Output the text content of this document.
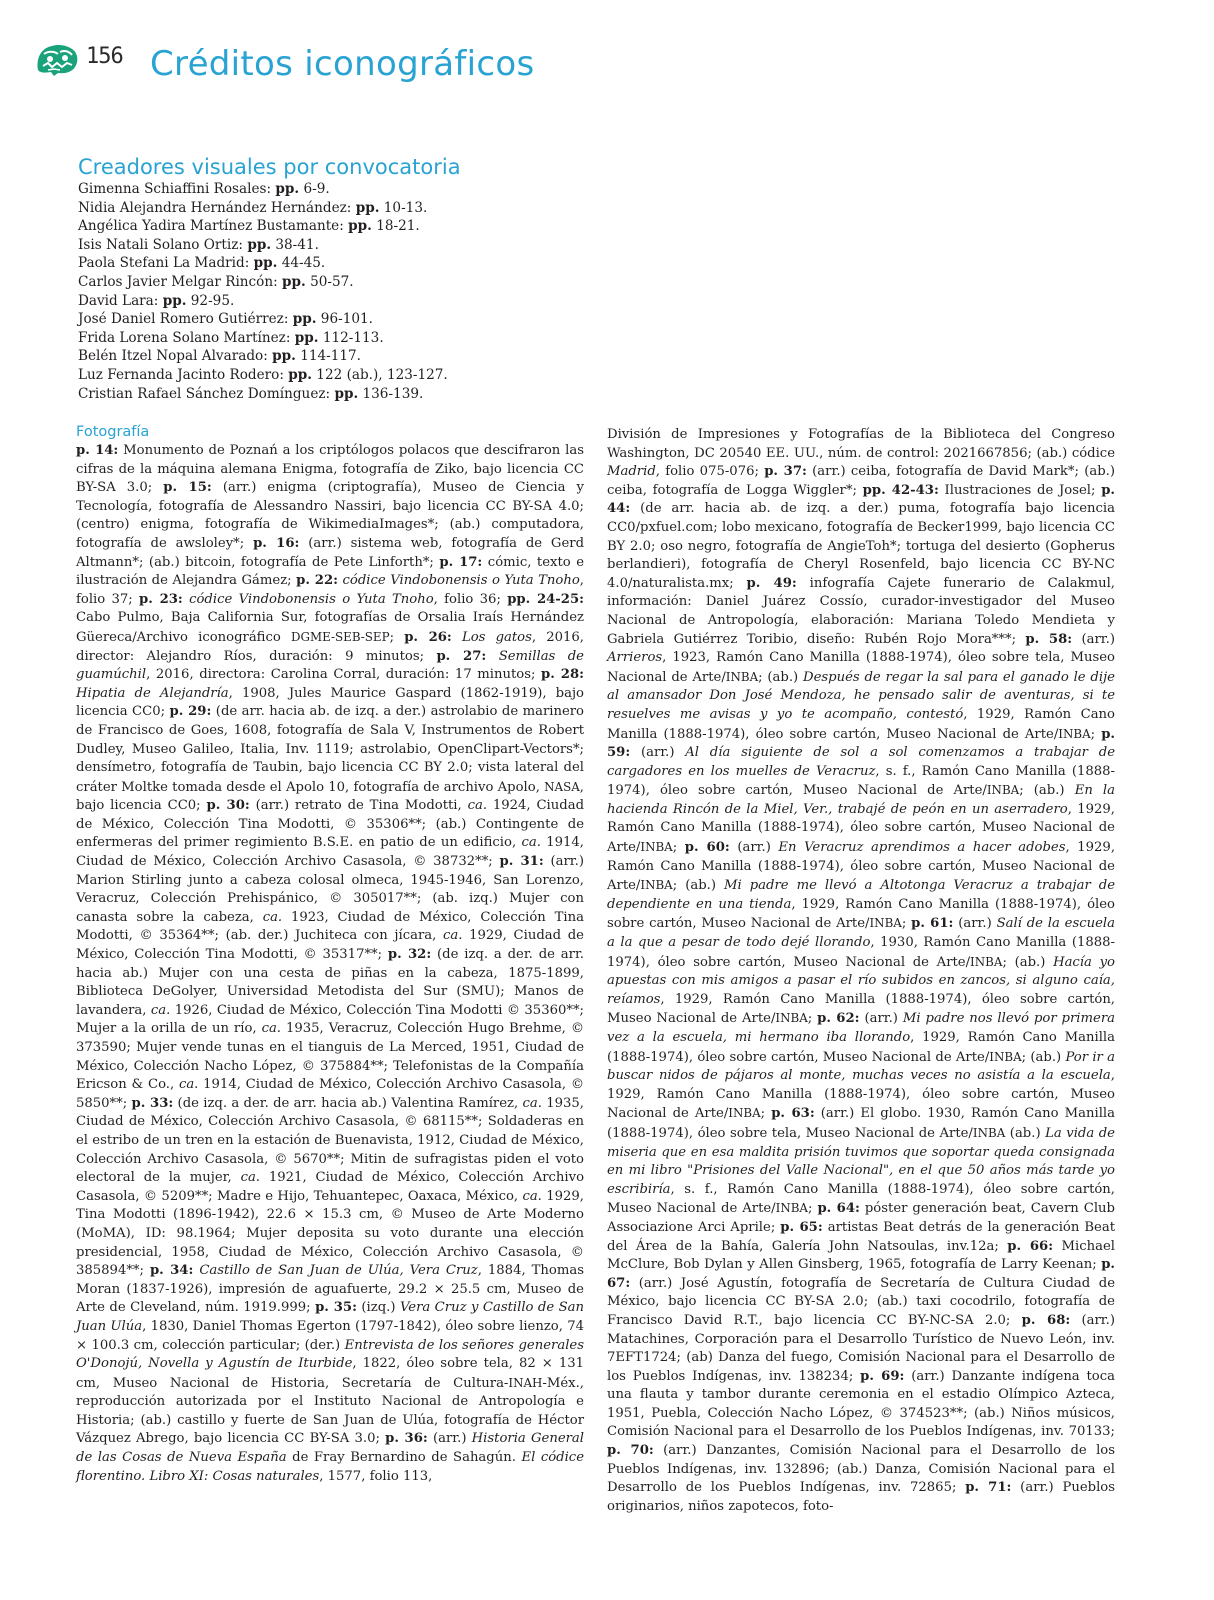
156 Créditos iconográficos
Creadores visuales por convocatoria
Gimenna Schiaffini Rosales: pp. 6-9.
Nidia Alejandra Hernández Hernández: pp. 10-13.
Angélica Yadira Martínez Bustamante: pp. 18-21.
Isis Natali Solano Ortiz: pp. 38-41.
Paola Stefani La Madrid: pp. 44-45.
Carlos Javier Melgar Rincón: pp. 50-57.
David Lara: pp. 92-95.
José Daniel Romero Gutiérrez: pp. 96-101.
Frida Lorena Solano Martínez: pp. 112-113.
Belén Itzel Nopal Alvarado: pp. 114-117.
Luz Fernanda Jacinto Rodero: pp. 122 (ab.), 123-127.
Cristian Rafael Sánchez Domínguez: pp. 136-139.
Fotografía

p. 14: Monumento de Poznań a los criptólogos polacos que descifraron las cifras de la máquina alemana Enigma, fotografía de Ziko, bajo licencia CC BY-SA 3.0; p. 15: (arr.) enigma (criptografía), Museo de Ciencia y Tecnología, fotografía de Alessandro Nassiri, bajo licencia CC BY-SA 4.0; (centro) enigma, fotografía de WikimediaImages*; (ab.) computadora, fotografía de awsloley*; p. 16: (arr.) sistema web, fotografía de Gerd Altmann*; (ab.) bitcoin, fotografía de Pete Linforth*; p. 17: cómic, texto e ilustración de Alejandra Gámez; p. 22: códice Vindobonensis o Yuta Tnoho, folio 37; p. 23: códice Vindobonensis o Yuta Tnoho, folio 36; pp. 24-25: Cabo Pulmo, Baja California Sur, fotografías de Orsalia Iraís Hernández Güereca/Archivo iconográfico DGME-SEB-SEP; p. 26: Los gatos, 2016, director: Alejandro Ríos, duración: 9 minutos; p. 27: Semillas de guamúchil, 2016, directora: Carolina Corral, duración: 17 minutos; p. 28: Hipatia de Alejandría, 1908, Jules Maurice Gaspard (1862-1919), bajo licencia CC0; p. 29: (de arr. hacia ab. de izq. a der.) astrolabio de marinero de Francisco de Goes, 1608, fotografía de Sala V, Instrumentos de Robert Dudley, Museo Galileo, Italia, Inv. 1119; astrolabio, OpenClipart-Vectors*; densímetro, fotografía de Taubin, bajo licencia CC BY 2.0; vista lateral del cráter Moltke tomada desde el Apolo 10, fotografía de archivo Apolo, NASA, bajo licencia CC0; p. 30: (arr.) retrato de Tina Modotti, ca. 1924, Ciudad de México, Colección Tina Modotti, © 35306**; (ab.) Contingente de enfermeras del primer regimiento B.S.E. en patio de un edificio, ca. 1914, Ciudad de México, Colección Archivo Casasola, © 38732**; p. 31: (arr.) Marion Stirling junto a cabeza colosal olmeca, 1945-1946, San Lorenzo, Veracruz, Colección Prehispánico, © 305017**; (ab. izq.) Mujer con canasta sobre la cabeza, ca. 1923, Ciudad de México, Colección Tina Modotti, © 35364**; (ab. der.) Juchiteca con jícara, ca. 1929, Ciudad de México, Colección Tina Modotti, © 35317**; p. 32: (de izq. a der. de arr. hacia ab.) Mujer con una cesta de piñas en la cabeza, 1875-1899, Biblioteca DeGolyer, Universidad Metodista del Sur (SMU); Manos de lavandera, ca. 1926, Ciudad de México, Colección Tina Modotti © 35360**; Mujer a la orilla de un río, ca. 1935, Veracruz, Colección Hugo Brehme, © 373590; Mujer vende tunas en el tianguis de La Merced, 1951, Ciudad de México, Colección Nacho López, © 375884**; Telefonistas de la Compañía Ericson & Co., ca. 1914, Ciudad de México, Colección Archivo Casasola, © 5850**; p. 33: (de izq. a der. de arr. hacia ab.) Valentina Ramírez, ca. 1935, Ciudad de México, Colección Archivo Casasola, © 68115**; Soldaderas en el estribo de un tren en la estación de Buenavista, 1912, Ciudad de México, Colección Archivo Casasola, © 5670**; Mitin de sufragistas piden el voto electoral de la mujer, ca. 1921, Ciudad de México, Colección Archivo Casasola, © 5209**; Madre e Hijo, Tehuantepec, Oaxaca, México, ca. 1929, Tina Modotti (1896-1942), 22.6 × 15.3 cm, © Museo de Arte Moderno (MoMA), ID: 98.1964; Mujer deposita su voto durante una elección presidencial, 1958, Ciudad de México, Colección Archivo Casasola, © 385894**; p. 34: Castillo de San Juan de Ulúa, Vera Cruz, 1884, Thomas Moran (1837-1926), impresión de aguafuerte, 29.2 × 25.5 cm, Museo de Arte de Cleveland, núm. 1919.999; p. 35: (izq.) Vera Cruz y Castillo de San Juan Ulúa, 1830, Daniel Thomas Egerton (1797-1842), óleo sobre lienzo, 74 × 100.3 cm, colección particular; (der.) Entrevista de los señores generales O'Donojú, Novella y Agustín de Iturbide, 1822, óleo sobre tela, 82 × 131 cm, Museo Nacional de Historia, Secretaría de Cultura-INAH-Méx., reproducción autorizada por el Instituto Nacional de Antropología e Historia; (ab.) castillo y fuerte de San Juan de Ulúa, fotografía de Héctor Vázquez Abrego, bajo licencia CC BY-SA 3.0; p. 36: (arr.) Historia General de las Cosas de Nueva España de Fray Bernardino de Sahagún. El códice florentino. Libro XI: Cosas naturales, 1577, folio 113,

División de Impresiones y Fotografías de la Biblioteca del Congreso Washington, DC 20540 EE. UU., núm. de control: 2021667856; (ab.) códice Madrid, folio 075-076; p. 37: (arr.) ceiba, fotografía de David Mark*; (ab.) ceiba, fotografía de Logga Wiggler*; pp. 42-43: Ilustraciones de Josel; p. 44: (de arr. hacia ab. de izq. a der.) puma, fotografía bajo licencia CC0/pxfuel.com; lobo mexicano, fotografía de Becker1999, bajo licencia CC BY 2.0; oso negro, fotografía de AngieToh*; tortuga del desierto (Gopherus berlandieri), fotografía de Cheryl Rosenfeld, bajo licencia CC BY-NC 4.0/naturalista.mx; p. 49: infografía Cajete funerario de Calakmul, información: Daniel Juárez Cossío, curador-investigador del Museo Nacional de Antropología, elaboración: Mariana Toledo Mendieta y Gabriela Gutiérrez Toribio, diseño: Rubén Rojo Mora***; p. 58: (arr.) Arrieros, 1923, Ramón Cano Manilla (1888-1974), óleo sobre tela, Museo Nacional de Arte/INBA; (ab.) Después de regar la sal para el ganado le dije al amansador Don José Mendoza, he pensado salir de aventuras, si te resuelves me avisas y yo te acompaño, contestó, 1929, Ramón Cano Manilla (1888-1974), óleo sobre cartón, Museo Nacional de Arte/INBA; p. 59: (arr.) Al día siguiente de sol a sol comenzamos a trabajar de cargadores en los muelles de Veracruz, s. f., Ramón Cano Manilla (1888-1974), óleo sobre cartón, Museo Nacional de Arte/INBA; (ab.) En la hacienda Rincón de la Miel, Ver., trabajé de peón en un aserradero, 1929, Ramón Cano Manilla (1888-1974), óleo sobre cartón, Museo Nacional de Arte/INBA; p. 60: (arr.) En Veracruz aprendimos a hacer adobes, 1929, Ramón Cano Manilla (1888-1974), óleo sobre cartón, Museo Nacional de Arte/INBA; (ab.) Mi padre me llevó a Altotonga Veracruz a trabajar de dependiente en una tienda, 1929, Ramón Cano Manilla (1888-1974), óleo sobre cartón, Museo Nacional de Arte/INBA; p. 61: (arr.) Salí de la escuela a la que a pesar de todo dejé llorando, 1930, Ramón Cano Manilla (1888-1974), óleo sobre cartón, Museo Nacional de Arte/INBA; (ab.) Hacía yo apuestas con mis amigos a pasar el río subidos en zancos, si alguno caía, reíamos, 1929, Ramón Cano Manilla (1888-1974), óleo sobre cartón, Museo Nacional de Arte/INBA; p. 62: (arr.) Mi padre nos llevó por primera vez a la escuela, mi hermano iba llorando, 1929, Ramón Cano Manilla (1888-1974), óleo sobre cartón, Museo Nacional de Arte/INBA; (ab.) Por ir a buscar nidos de pájaros al monte, muchas veces no asistía a la escuela, 1929, Ramón Cano Manilla (1888-1974), óleo sobre cartón, Museo Nacional de Arte/INBA; p. 63: (arr.) El globo. 1930, Ramón Cano Manilla (1888-1974), óleo sobre tela, Museo Nacional de Arte/INBA (ab.) La vida de miseria que en esa maldita prisión tuvimos que soportar queda consignada en mi libro "Prisiones del Valle Nacional", en el que 50 años más tarde yo escribiría, s. f., Ramón Cano Manilla (1888-1974), óleo sobre cartón, Museo Nacional de Arte/INBA; p. 64: póster generación beat, Cavern Club Associazione Arci Aprile; p. 65: artistas Beat detrás de la generación Beat del Área de la Bahía, Galería John Natsoulas, inv.12a; p. 66: Michael McClure, Bob Dylan y Allen Ginsberg, 1965, fotografía de Larry Keenan; p. 67: (arr.) José Agustín, fotografía de Secretaría de Cultura Ciudad de México, bajo licencia CC BY-SA 2.0; (ab.) taxi cocodrilo, fotografía de Francisco David R.T., bajo licencia CC BY-NC-SA 2.0; p. 68: (arr.) Matachines, Corporación para el Desarrollo Turístico de Nuevo León, inv. 7EFT1724; (ab) Danza del fuego, Comisión Nacional para el Desarrollo de los Pueblos Indígenas, inv. 138234; p. 69: (arr.) Danzante indígena toca una flauta y tambor durante ceremonia en el estadio Olímpico Azteca, 1951, Puebla, Colección Nacho López, © 374523**; (ab.) Niños músicos, Comisión Nacional para el Desarrollo de los Pueblos Indígenas, inv. 70133; p. 70: (arr.) Danzantes, Comisión Nacional para el Desarrollo de los Pueblos Indígenas, inv. 132896; (ab.) Danza, Comisión Nacional para el Desarrollo de los Pueblos Indígenas, inv. 72865; p. 71: (arr.) Pueblos originarios, niños zapotecos, foto-
